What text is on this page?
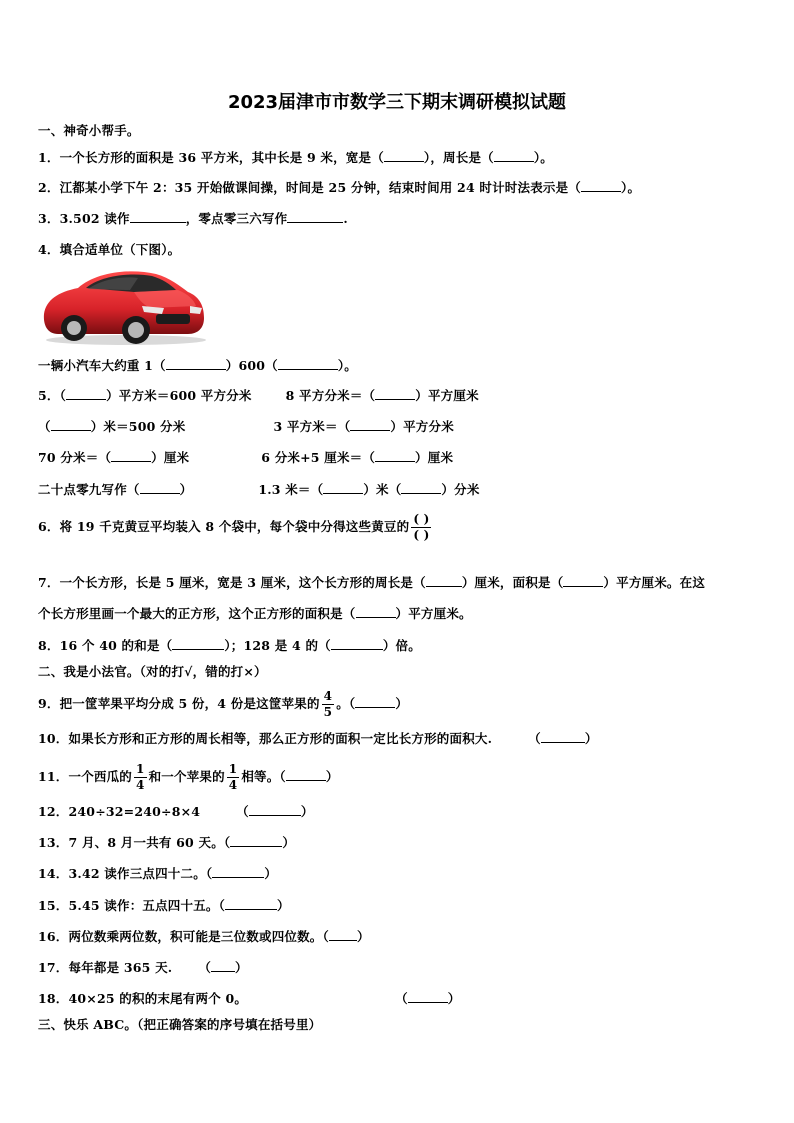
2023届津市市数学三下期末调研模拟试题
一、神奇小帮手。
1．一个长方形的面积是 36 平方米，其中长是 9 米，宽是（	），周长是（	）。
2．江都某小学下午 2：35 开始做课间操，时间是 25 分钟，结束时间用 24 时计时法表示是（	）。
3．3.502 读作	，零点零三六写作	.
4．填合适单位（下图）。
一辆小汽车大约重 1（	）600（	）。
5．（	）平方米＝600 平方分米	8 平方分米＝（	）平方厘米
（	）米＝500 分米	3 平方米＝（	）平方分米
70 分米＝（	）厘米	6 分米+5 厘米＝（	）厘米
二十点零九写作（	）	1.3 米＝（	）米（	）分米
6．将 19 千克黄豆平均装入 8 个袋中，每个袋中分得这些黄豆的 $\frac{( )}{( )}$
7．一个长方形，长是 5 厘米，宽是 3 厘米，这个长方形的周长是（	）厘米，面积是（	）平方厘米。在这
个长方形里画一个最大的正方形，这个正方形的面积是（	）平方厘米。
8．16 个 40 的和是（	）；128 是 4 的（	）倍。
二、我是小法官。（对的打√，错的打×）
9．把一筐苹果平均分成 5 份，4 份是这筐苹果的 $\frac{4}{5}$ 。（	）
10．如果长方形和正方形的周长相等，那么正方形的面积一定比长方形的面积大.	（	）
11．一个西瓜的 $\frac{1}{4}$ 和一个苹果的 $\frac{1}{4}$ 相等。（	）
12．240÷32=240÷8×4	（	）
13．7 月、8 月一共有 60 天。（	）
14．3.42 读作三点四十二。（	）
15．5.45 读作：五点四十五。（	）
16．两位数乘两位数，积可能是三位数或四位数。（ ）
17．每年都是 365 天. （ ）
18．40×25 的积的末尾有两个 0。	（	）
三、快乐 ABC。（把正确答案的序号填在括号里）
